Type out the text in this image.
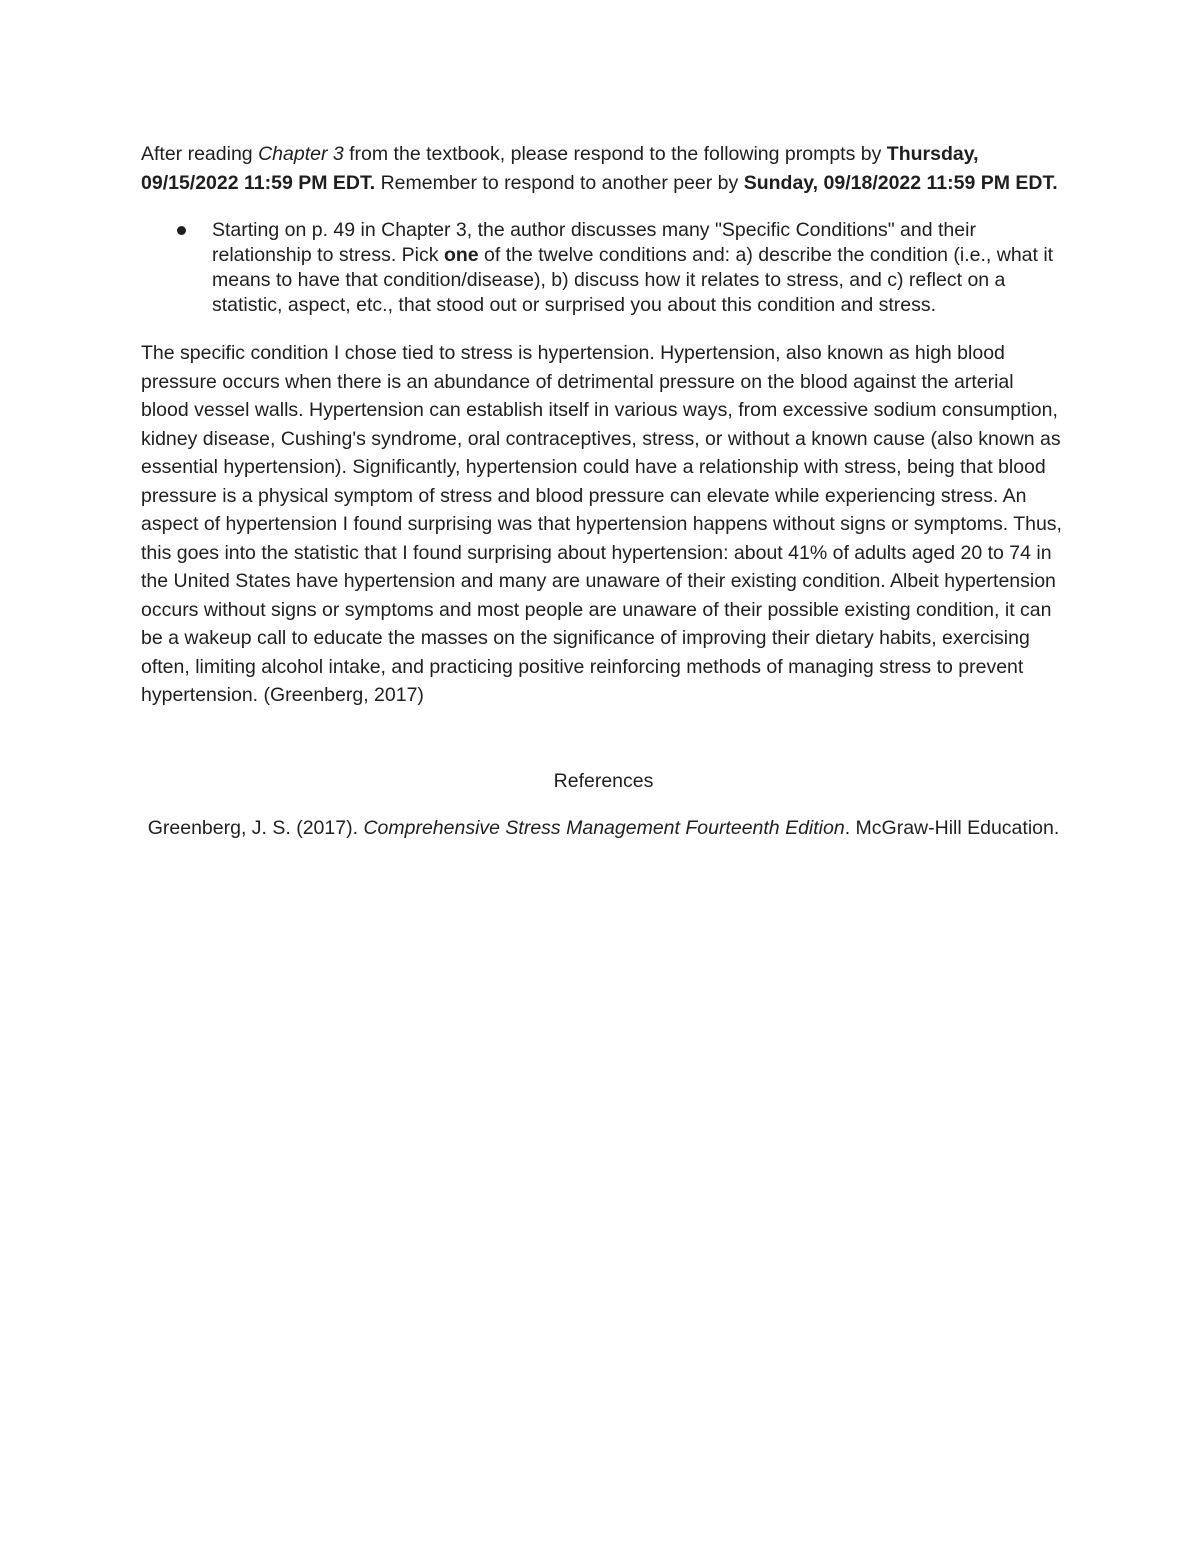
After reading Chapter 3 from the textbook, please respond to the following prompts by Thursday, 09/15/2022 11:59 PM EDT. Remember to respond to another peer by Sunday, 09/18/2022 11:59 PM EDT.

Starting on p. 49 in Chapter 3, the author discusses many "Specific Conditions" and their relationship to stress. Pick one of the twelve conditions and: a) describe the condition (i.e., what it means to have that condition/disease), b) discuss how it relates to stress, and c) reflect on a statistic, aspect, etc., that stood out or surprised you about this condition and stress.

The specific condition I chose tied to stress is hypertension. Hypertension, also known as high blood pressure occurs when there is an abundance of detrimental pressure on the blood against the arterial blood vessel walls. Hypertension can establish itself in various ways, from excessive sodium consumption, kidney disease, Cushing's syndrome, oral contraceptives, stress, or without a known cause (also known as essential hypertension). Significantly, hypertension could have a relationship with stress, being that blood pressure is a physical symptom of stress and blood pressure can elevate while experiencing stress. An aspect of hypertension I found surprising was that hypertension happens without signs or symptoms. Thus, this goes into the statistic that I found surprising about hypertension: about 41% of adults aged 20 to 74 in the United States have hypertension and many are unaware of their existing condition. Albeit hypertension occurs without signs or symptoms and most people are unaware of their possible existing condition, it can be a wakeup call to educate the masses on the significance of improving their dietary habits, exercising often, limiting alcohol intake, and practicing positive reinforcing methods of managing stress to prevent hypertension. (Greenberg, 2017)

References

Greenberg, J. S. (2017). Comprehensive Stress Management Fourteenth Edition. McGraw-Hill Education.
